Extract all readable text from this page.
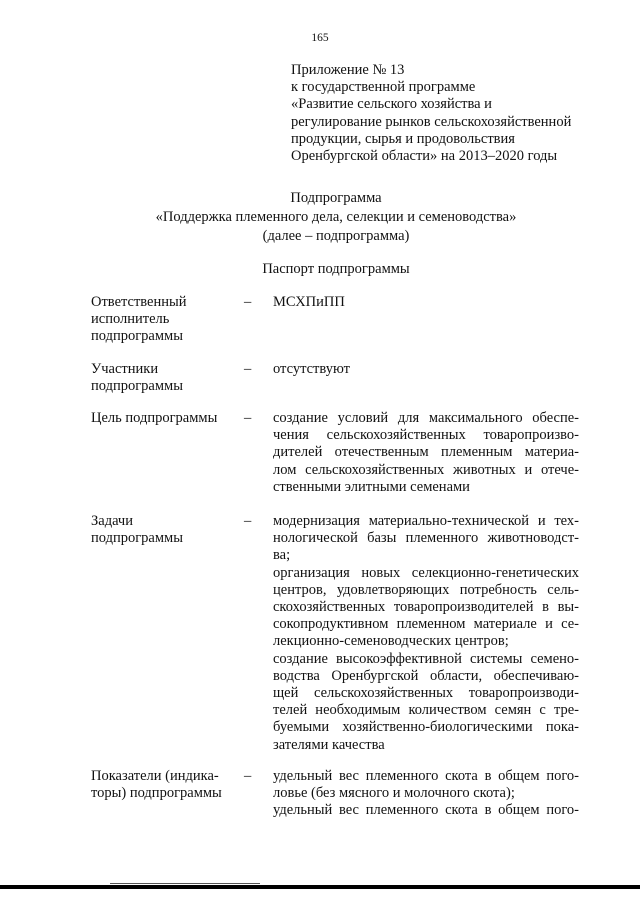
165
Приложение № 13
к государственной программе
«Развитие сельского хозяйства и
регулирование рынков сельскохозяйственной
продукции, сырья и продовольствия
Оренбургской области» на 2013–2020 годы
Подпрограмма
«Поддержка племенного дела, селекции и семеноводства»
(далее – подпрограмма)
Паспорт подпрограммы
Ответственный
исполнитель
подпрограммы
– МСХПиПП
Участники
подпрограммы
– отсутствуют
Цель подпрограммы	– создание условий для максимального обеспе-
чения сельскохозяйственных товаропроизво-
дителей отечественным племенным материа-
лом сельскохозяйственных животных и отече-
ственными элитными семенами
Задачи
подпрограммы
– модернизация материально-технической и тех-
нологической базы племенного животноводст-
ва;
организация новых селекционно-генетических
центров, удовлетворяющих потребность сель-
скохозяйственных товаропроизводителей в вы-
сокопродуктивном племенном материале и се-
лекционно-семеноводческих центров;
создание высокоэффективной системы семено-
водства Оренбургской области, обеспечиваю-
щей сельскохозяйственных товаропроизводи-
телей необходимым количеством семян с тре-
буемыми хозяйственно-биологическими пока-
зателями качества
Показатели (индика-
торы) подпрограммы
– удельный вес племенного скота в общем пого-
ловье (без мясного и молочного скота);
удельный вес племенного скота в общем пого-
